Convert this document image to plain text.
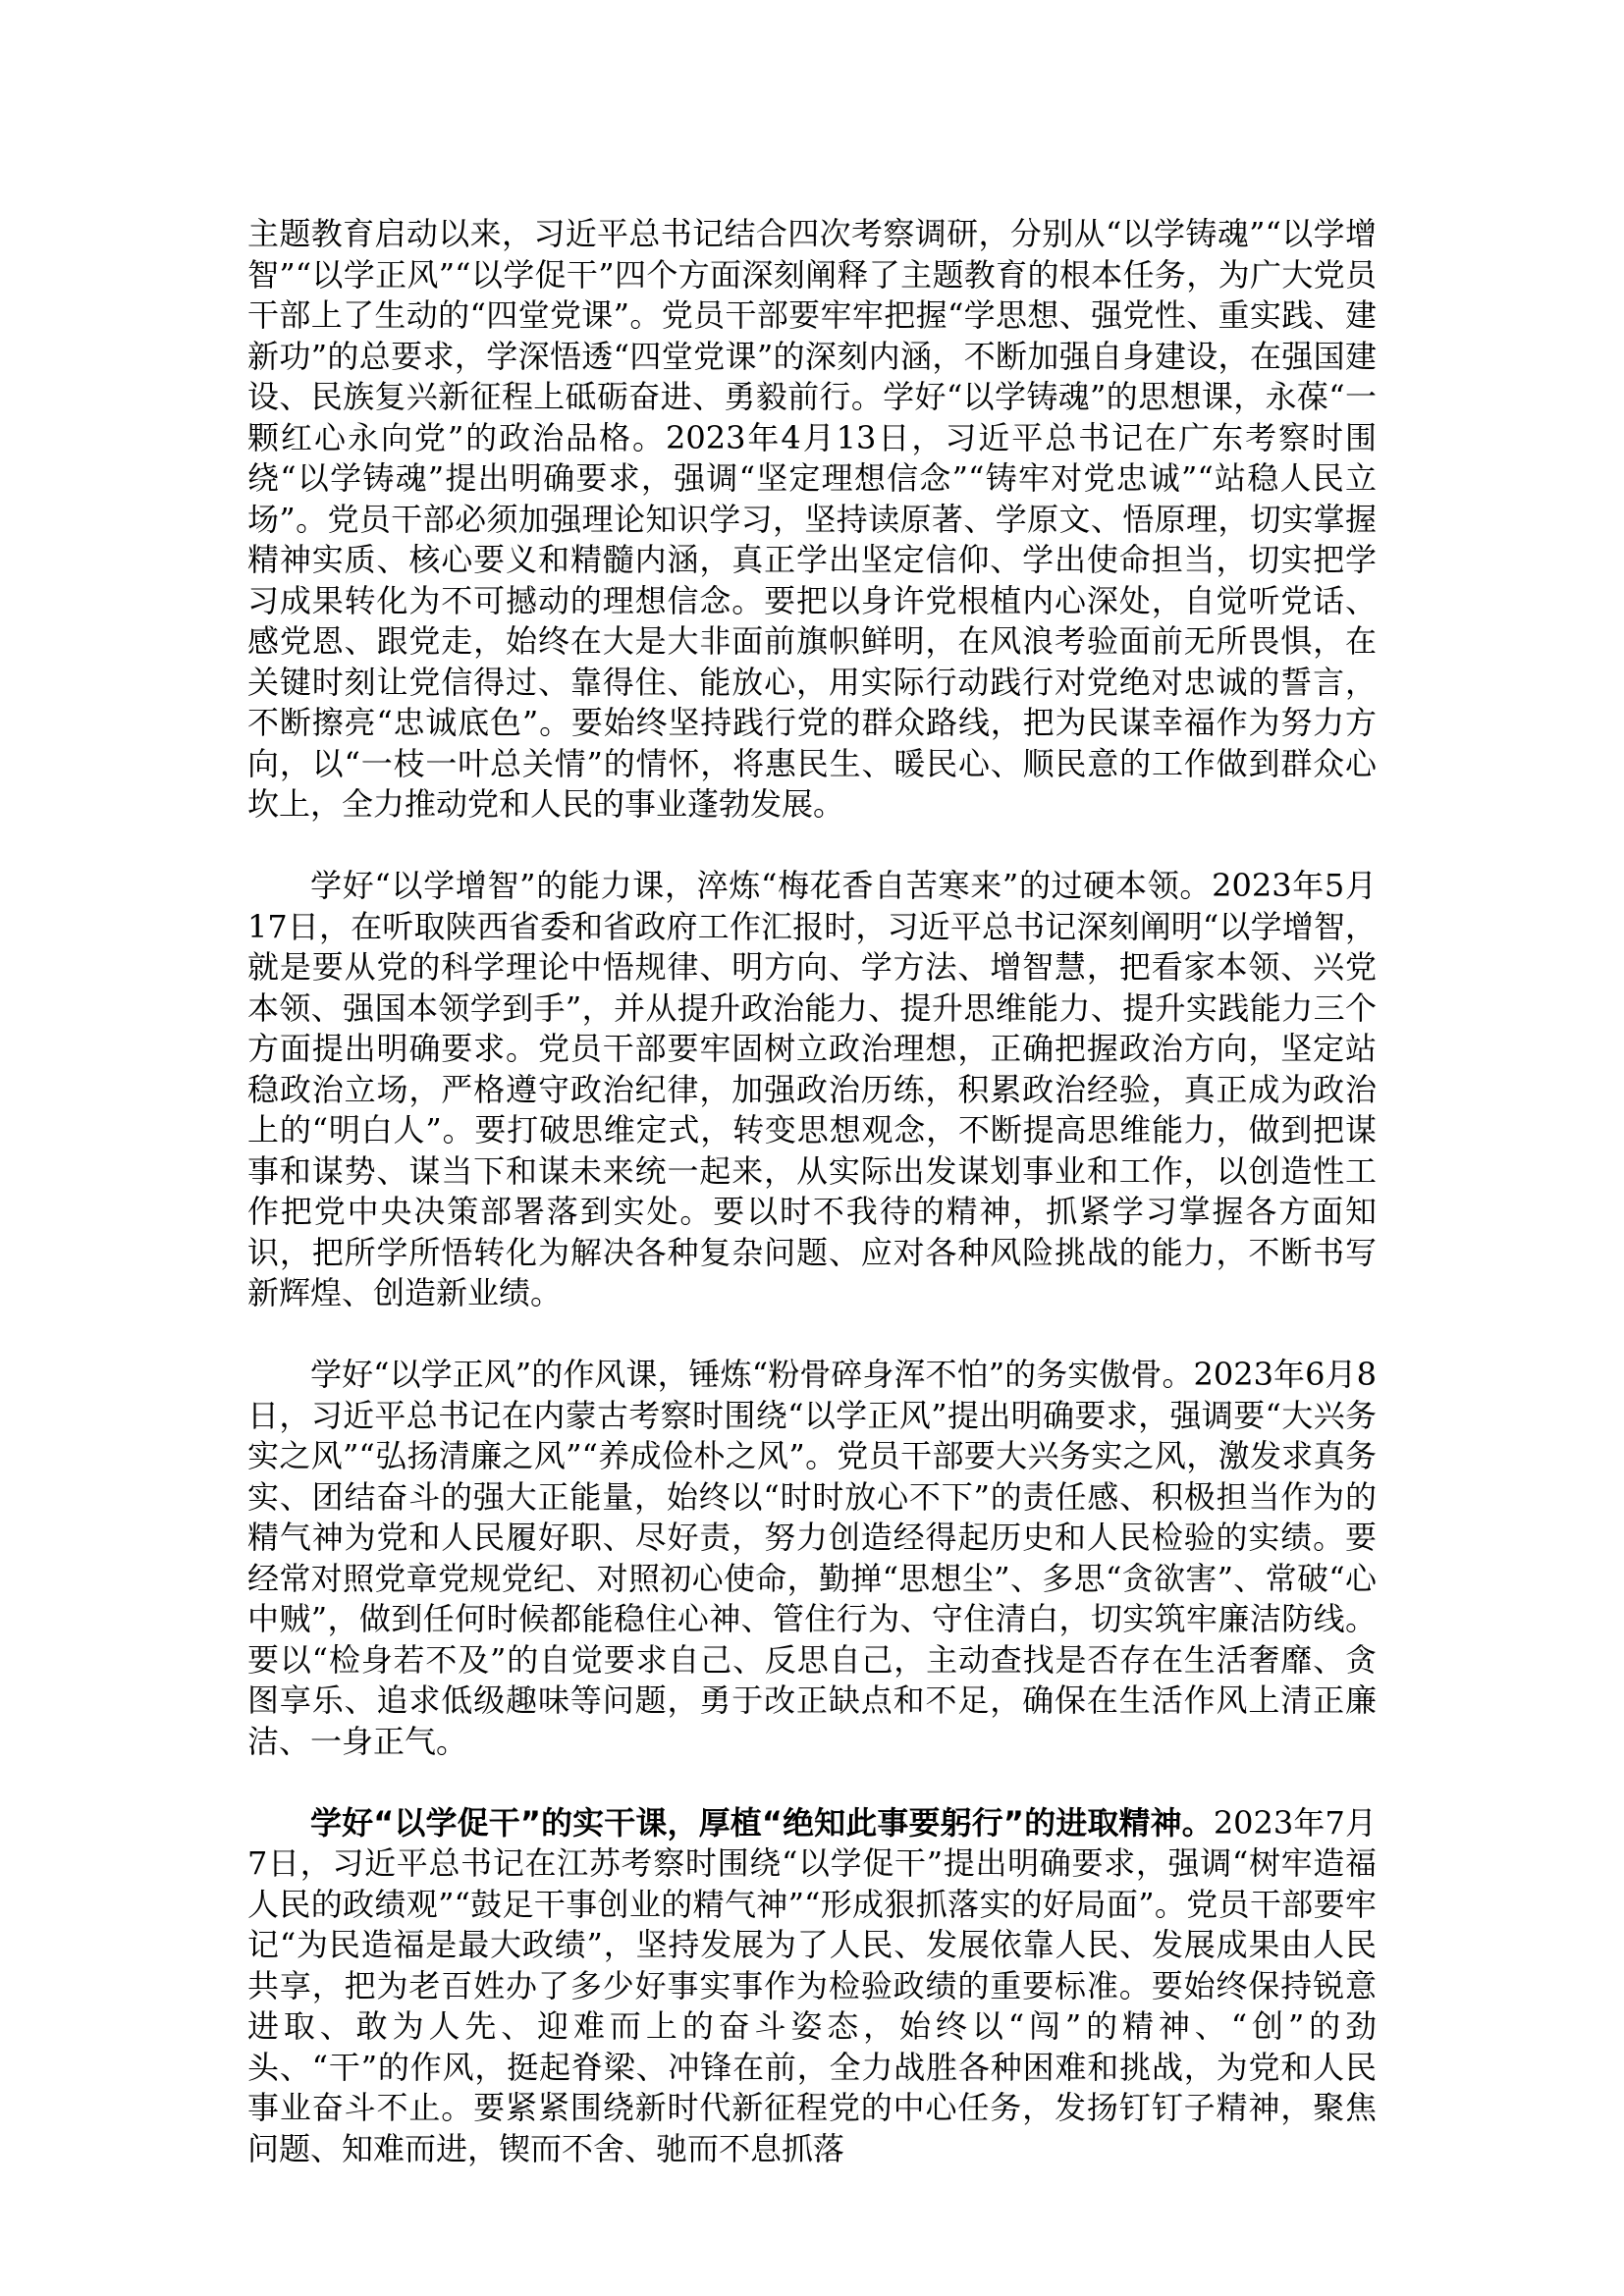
主题教育启动以来，习近平总书记结合四次考察调研，分别从“以学铸魂”“以学增智”“以学正风”“以学促干”四个方面深刻阐释了主题教育的根本任务，为广大党员干部上了生动的“四堂党课”。党员干部要牢牢把握“学思想、强党性、重实践、建新功”的总要求，学深悟透“四堂党课”的深刻内涵，不断加强自身建设，在强国建设、民族复兴新征程上砥砺奋进、勇毅前行。学好“以学铸魂”的思想课，永葆“一颗红心永向党”的政治品格。2023年4月13日，习近平总书记在广东考察时围绕“以学铸魂”提出明确要求，强调“坚定理想信念”“铸牢对党忠诚”“站稳人民立场”。党员干部必须加强理论知识学习，坚持读原著、学原文、悟原理，切实掌握精神实质、核心要义和精髓内涵，真正学出坚定信仰、学出使命担当，切实把学习成果转化为不可撼动的理想信念。要把以身许党根植内心深处，自觉听党话、感党恩、跟党走，始终在大是大非面前旗帜鲜明，在风浪考验面前无所畏惧，在关键时刻让党信得过、靠得住、能放心，用实际行动践行对党绝对忠诚的誓言，不断擦亮“忠诚底色”。要始终坚持践行党的群众路线，把为民谋幸福作为努力方向，以“一枝一叶总关情”的情怀，将惠民生、暖民心、顺民意的工作做到群众心坎上，全力推动党和人民的事业蓬勃发展。

学好“以学增智”的能力课，淬炼“梅花香自苦寒来”的过硬本领。2023年5月17日，在听取陕西省委和省政府工作汇报时，习近平总书记深刻阐明“以学增智，就是要从党的科学理论中悟规律、明方向、学方法、增智慧，把看家本领、兴党本领、强国本领学到手”，并从提升政治能力、提升思维能力、提升实践能力三个方面提出明确要求。党员干部要牢固树立政治理想，正确把握政治方向，坚定站稳政治立场，严格遵守政治纪律，加强政治历练，积累政治经验，真正成为政治上的“明白人”。要打破思维定式，转变思想观念，不断提高思维能力，做到把谋事和谋势、谋当下和谋未来统一起来，从实际出发谋划事业和工作，以创造性工作把党中央决策部署落到实处。要以时不我待的精神，抓紧学习掌握各方面知识，把所学所悟转化为解决各种复杂问题、应对各种风险挑战的能力，不断书写新辉煌、创造新业绩。

学好“以学正风”的作风课，锤炼“粉骨碎身浑不怕”的务实傲骨。2023年6月8日，习近平总书记在内蒙古考察时围绕“以学正风”提出明确要求，强调要“大兴务实之风”“弘扬清廉之风”“养成俭朴之风”。党员干部要大兴务实之风，激发求真务实、团结奋斗的强大正能量，始终以“时时放心不下”的责任感、积极担当作为的精气神为党和人民履好职、尽好责，努力创造经得起历史和人民检验的实绩。要经常对照党章党规党纪、对照初心使命，勤掸“思想尘”、多思“贪欲害”、常破“心中贼”，做到任何时候都能稳住心神、管住行为、守住清白，切实筑牢廉洁防线。要以“检身若不及”的自觉要求自己、反思自己，主动查找是否存在生活奢靡、贪图享乐、追求低级趣味等问题，勇于改正缺点和不足，确保在生活作风上清正廉洁、一身正气。

学好“以学促干”的实干课，厚植“绝知此事要躬行”的进取精神。2023年7月7日，习近平总书记在江苏考察时围绕“以学促干”提出明确要求，强调“树牢造福人民的政绩观”“鼓足干事创业的精气神”“形成狠抓落实的好局面”。党员干部要牢记“为民造福是最大政绩”，坚持发展为了人民、发展依靠人民、发展成果由人民共享，把为老百姓办了多少好事实事作为检验政绩的重要标准。要始终保持锐意进取、敢为人先、迎难而上的奋斗姿态，始终以“闯”的精神、“创”的劲头、“干”的作风，挺起脊梁、冲锋在前，全力战胜各种困难和挑战，为党和人民事业奋斗不止。要紧紧围绕新时代新征程党的中心任务，发扬钉钉子精神，聚焦问题、知难而进，锲而不舍、驰而不息抓落
